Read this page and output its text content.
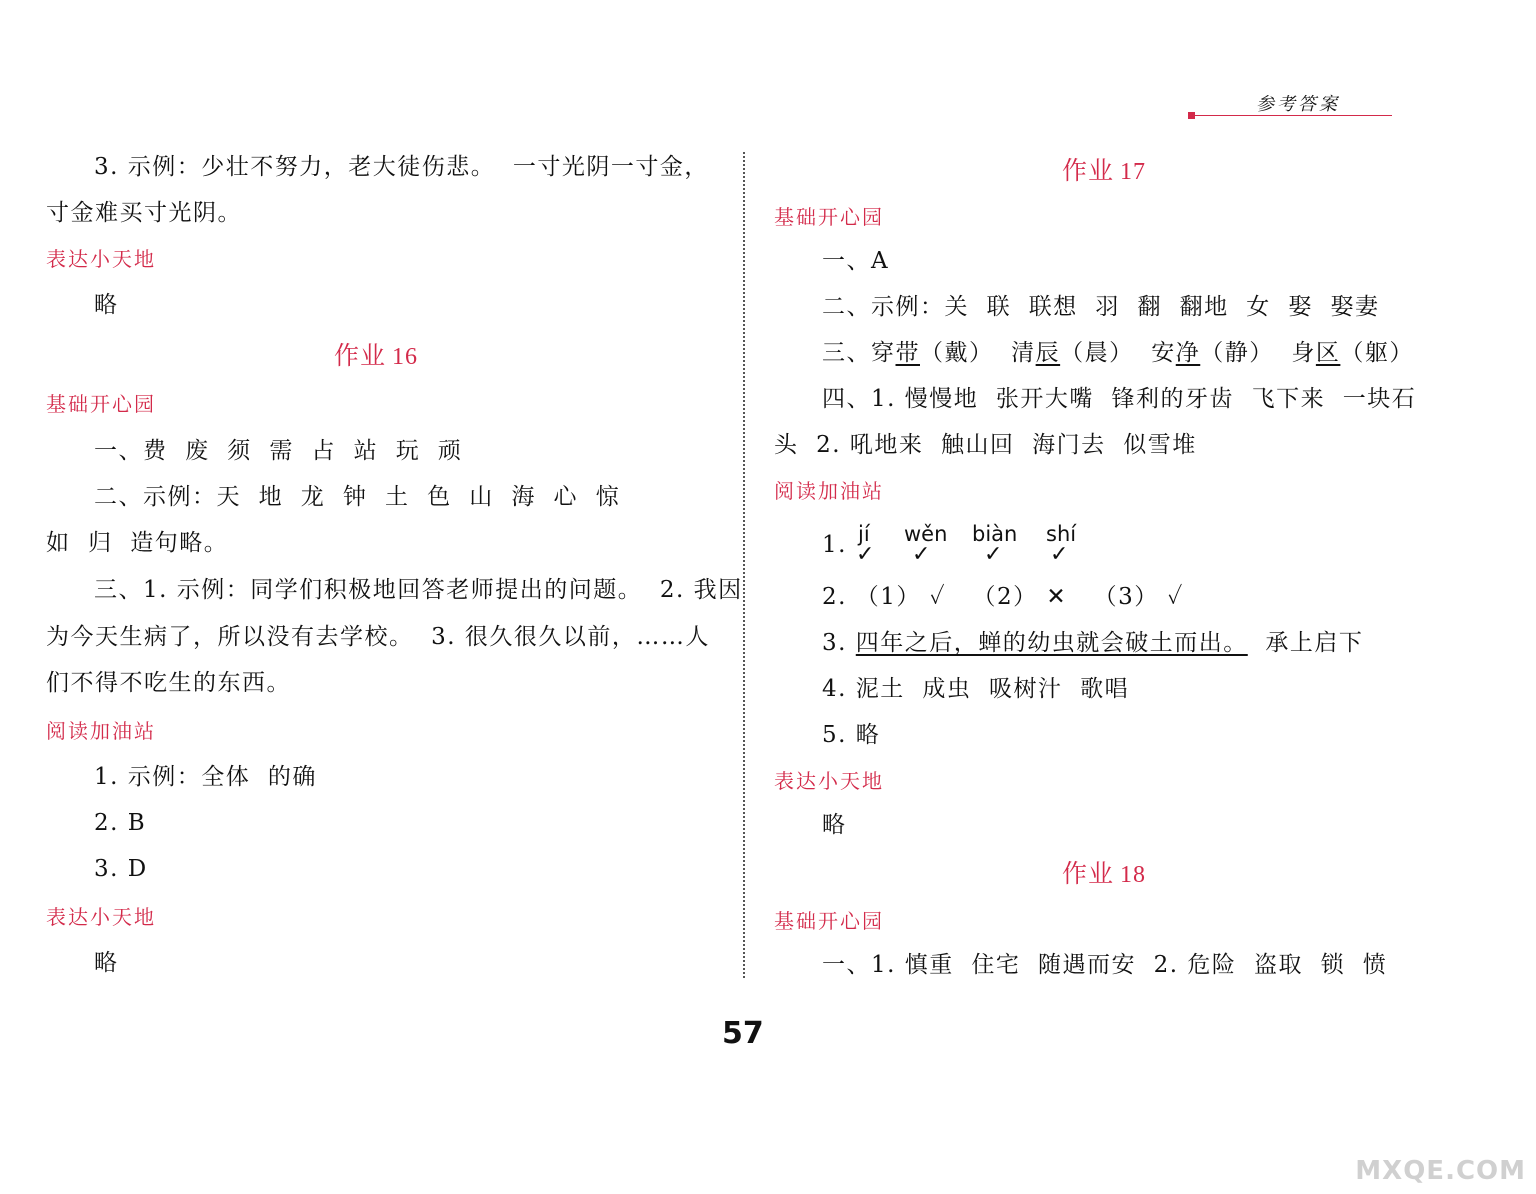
参考答案
3. 示例：少壮不努力，老大徒伤悲。  一寸光阴一寸金，
寸金难买寸光阴。
表达小天地
略
作业 16
基础开心园
一、费  废  须  需  占  站  玩  顽
二、示例：天  地  龙  钟  土  色  山  海  心  惊
如  归  造句略。
三、1. 示例：同学们积极地回答老师提出的问题。  2. 我因
为今天生病了，所以没有去学校。  3. 很久很久以前，……人
们不得不吃生的东西。
阅读加油站
1. 示例：全体  的确
2. B
3. D
表达小天地
略
作业 17
基础开心园
一、A
二、示例：关  联  联想  羽  翻  翻地  女  娶  娶妻
三、穿带（戴）  清辰（晨）  安净（静）  身区（躯）
四、1. 慢慢地  张开大嘴  锋利的牙齿  飞下来  一块石
头  2. 吼地来  触山回  海门去  似雪堆
阅读加油站
1. jí wěn biàn shí
✓ ✓ ✓ ✓
2. （1） ✓   （2） ✕   （3） ✓
3. 四年之后，蝉的幼虫就会破土而出。  承上启下
4. 泥土  成虫  吸树汁  歌唱
5. 略
表达小天地
略
作业 18
基础开心园
一、1. 慎重  住宅  随遇而安  2. 危险  盗取  锁  愤
57
MXQE.COM
